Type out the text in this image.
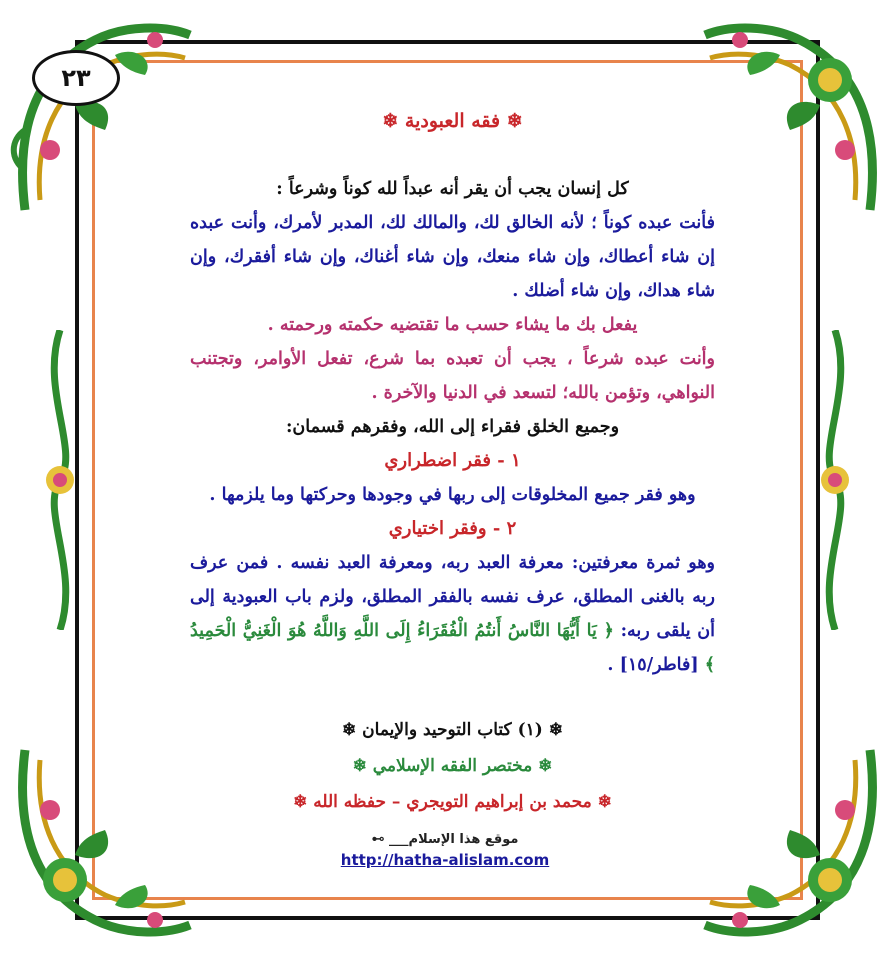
٢٣

❄ فقه العبودية ❄

كل إنسان يجب أن يقر أنه عبداً لله كوناً وشرعاً :

فأنت عبده كوناً ؛ لأنه الخالق لك، والمالك لك، المدبر لأمرك، وأنت عبده إن شاء أعطاك، وإن شاء منعك، وإن شاء أغناك، وإن شاء أفقرك، وإن شاء هداك، وإن شاء أضلك .

يفعل بك ما يشاء حسب ما تقتضيه حكمته ورحمته .

وأنت عبده شرعاً ، يجب أن تعبده بما شرع، تفعل الأوامر، وتجتنب النواهي، وتؤمن بالله؛ لتسعد في الدنيا والآخرة .

وجميع الخلق فقراء إلى الله، وفقرهم قسمان:

١ - فقر اضطراري

وهو فقر جميع المخلوقات إلى ربها في وجودها وحركتها وما يلزمها .

٢ - وفقر اختياري

وهو ثمرة معرفتين: معرفة العبد ربه، ومعرفة العبد نفسه . فمن عرف ربه بالغنى المطلق، عرف نفسه بالفقر المطلق، ولزم باب العبودية إلى أن يلقى ربه: ﴿ يَا أَيُّهَا النَّاسُ أَنتُمُ الْفُقَرَاءُ إِلَى اللَّهِ وَاللَّهُ هُوَ الْغَنِيُّ الْحَمِيدُ ﴾ [فاطر/١٥] .

❄ (١) كتاب التوحيد والإيمان ❄

❄ مختصر الفقه الإسلامي ❄

❄ محمد بن إبراهيم التويجري – حفظه الله ❄

موقع هذا الإسلام___ ⊶

http://hatha-alislam.com
